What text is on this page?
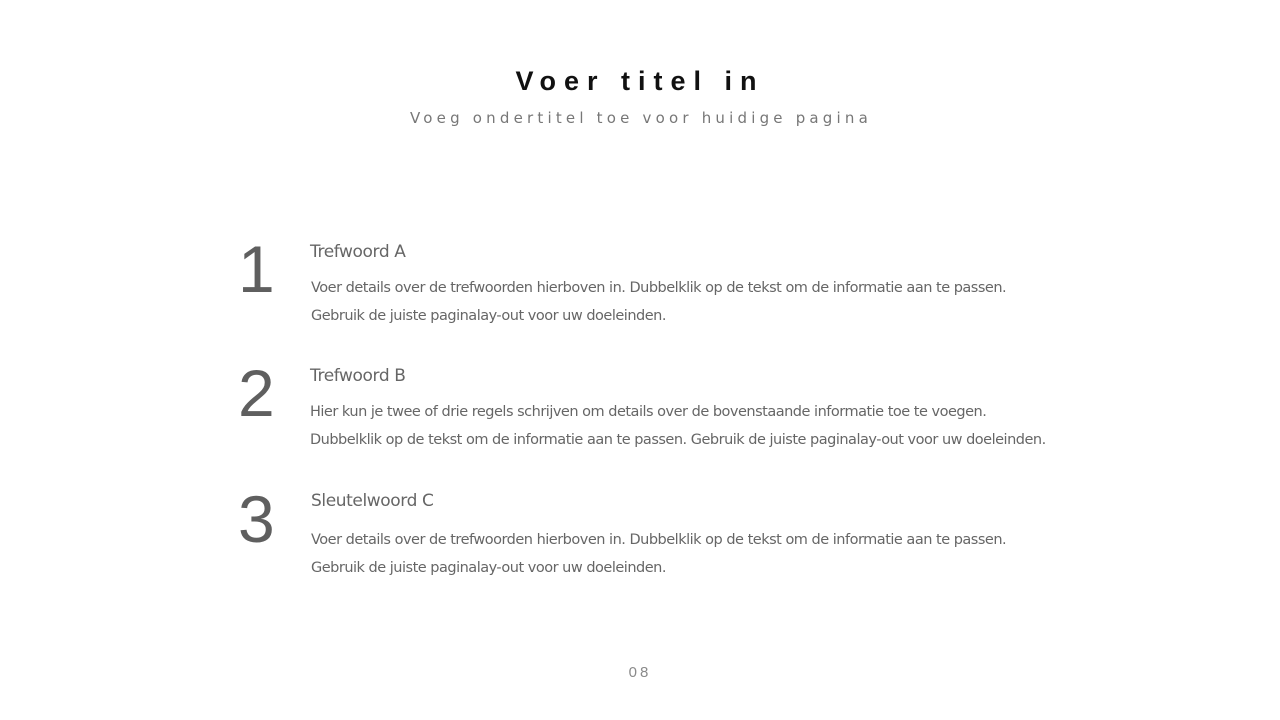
Voer titel in
Voeg ondertitel toe voor huidige pagina
1 Trefwoord A
Voer details over de trefwoorden hierboven in. Dubbelklik op de tekst om de informatie aan te passen.
Gebruik de juiste paginalay-out voor uw doeleinden.
2 Trefwoord B
Hier kun je twee of drie regels schrijven om details over de bovenstaande informatie toe te voegen.
Dubbelklik op de tekst om de informatie aan te passen. Gebruik de juiste paginalay-out voor uw doeleinden.
3 Sleutelwoord C
Voer details over de trefwoorden hierboven in. Dubbelklik op de tekst om de informatie aan te passen.
Gebruik de juiste paginalay-out voor uw doeleinden.
08
